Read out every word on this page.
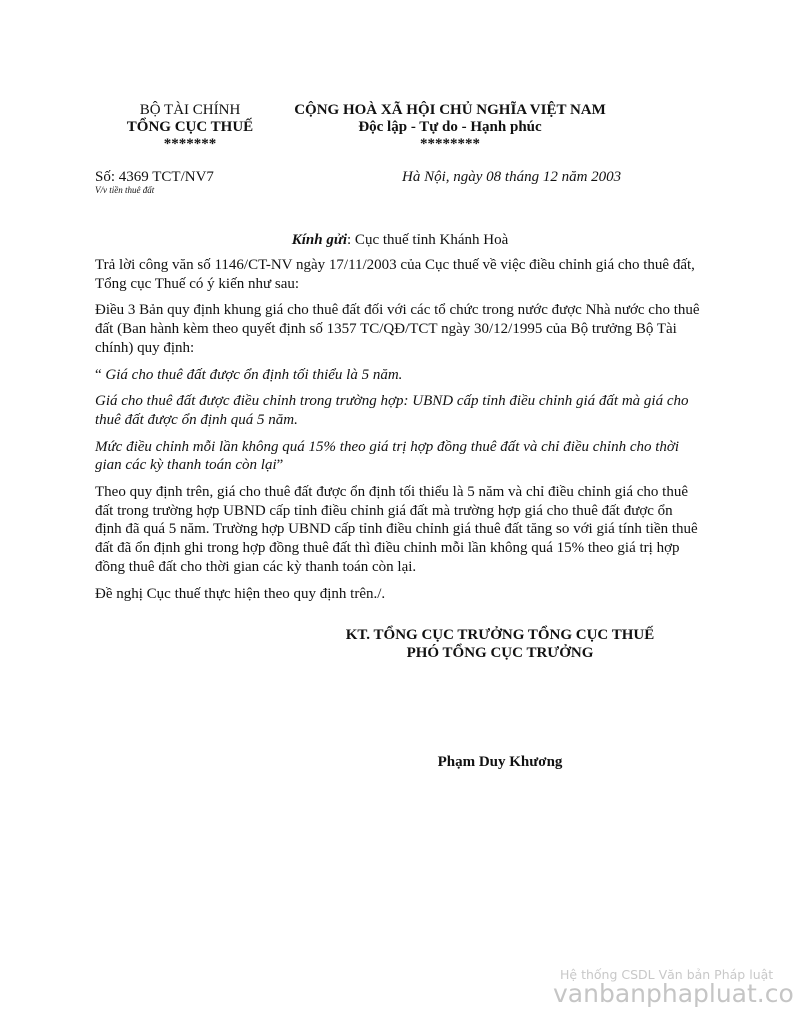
BỘ TÀI CHÍNH
TỔNG CỤC THUẾ
*******
CỘNG HOÀ XÃ HỘI CHỦ NGHĨA VIỆT NAM
Độc lập - Tự do - Hạnh phúc
********
Số: 4369 TCT/NV7
V/v tiền thuê đất
Hà Nội, ngày 08 tháng 12 năm 2003
Kính gửi: Cục thuế tỉnh Khánh Hoà

Trả lời công văn số 1146/CT-NV ngày 17/11/2003 của Cục thuế về việc điều chỉnh giá cho thuê đất, Tổng cục Thuế có ý kiến như sau:

Điều 3 Bản quy định khung giá cho thuê đất đối với các tổ chức trong nước được Nhà nước cho thuê đất (Ban hành kèm theo quyết định số 1357 TC/QĐ/TCT ngày 30/12/1995 của Bộ trưởng Bộ Tài chính) quy định:

“ Giá cho thuê đất được ổn định tối thiểu là 5 năm.

Giá cho thuê đất được điều chỉnh trong trường hợp: UBND cấp tỉnh điều chỉnh giá đất mà giá cho thuê đất được ổn định quá 5 năm.

Mức điều chỉnh mỗi lần không quá 15% theo giá trị hợp đồng thuê đất và chỉ điều chỉnh cho thời gian các kỳ thanh toán còn lại”

Theo quy định trên, giá cho thuê đất được ổn định tối thiểu là 5 năm và chỉ điều chỉnh giá cho thuê đất trong trường hợp UBND cấp tỉnh điều chỉnh giá đất mà trường hợp giá cho thuê đất được ổn định đã quá 5 năm. Trường hợp UBND cấp tỉnh điều chỉnh giá thuê đất tăng so với giá tính tiền thuê đất đã ổn định ghi trong hợp đồng thuê đất thì điều chỉnh mỗi lần không quá 15% theo giá trị hợp đồng thuê đất cho thời gian các kỳ thanh toán còn lại.

Đề nghị Cục thuế thực hiện theo quy định trên./.

KT. TỔNG CỤC TRƯỞNG TỔNG CỤC THUẾ
PHÓ TỔNG CỤC TRƯỞNG
Phạm Duy Khương
Hệ thống CSDL Văn bản Pháp luật
vanbanphapluat.co
